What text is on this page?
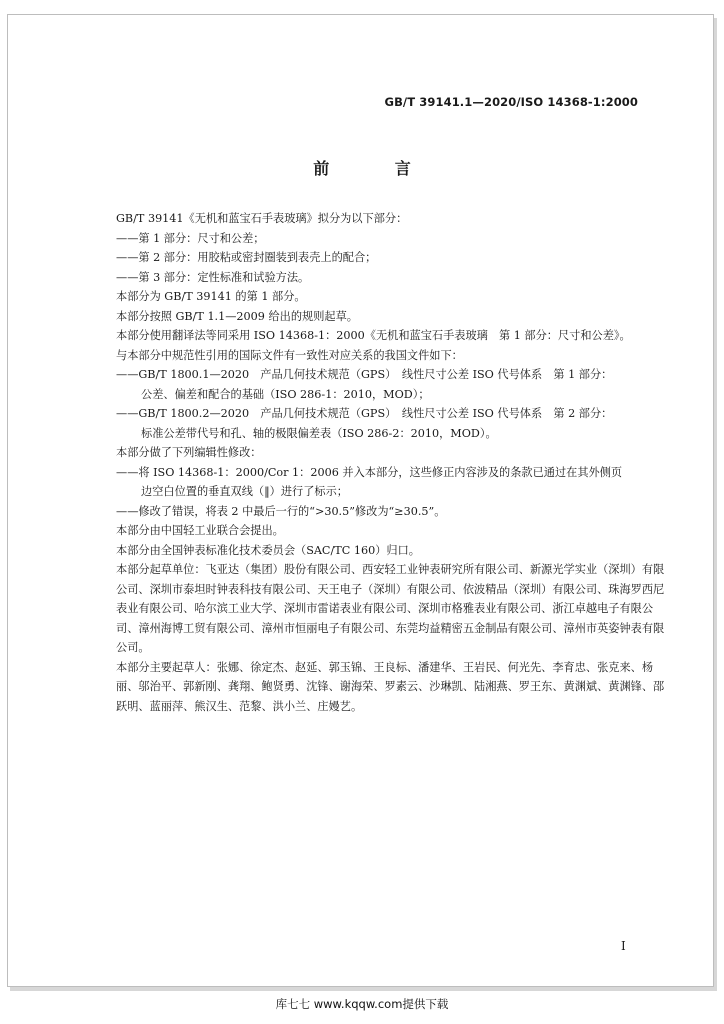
GB/T 39141.1—2020/ISO 14368-1:2000
前 言
GB/T 39141《无机和蓝宝石手表玻璃》拟分为以下部分：
——第 1 部分：尺寸和公差；
——第 2 部分：用胶粘或密封圈装到表壳上的配合；
——第 3 部分：定性标准和试验方法。
本部分为 GB/T 39141 的第 1 部分。
本部分按照 GB/T 1.1—2009 给出的规则起草。
本部分使用翻译法等同采用 ISO 14368-1：2000《无机和蓝宝石手表玻璃　第 1 部分：尺寸和公差》。
与本部分中规范性引用的国际文件有一致性对应关系的我国文件如下：
——GB/T 1800.1—2020　产品几何技术规范（GPS）　线性尺寸公差 ISO 代号体系　第 1 部分：
公差、偏差和配合的基础（ISO 286-1：2010，MOD）；
——GB/T 1800.2—2020　产品几何技术规范（GPS）　线性尺寸公差 ISO 代号体系　第 2 部分：
标准公差带代号和孔、轴的极限偏差表（ISO 286-2：2010，MOD）。
本部分做了下列编辑性修改：
——将 ISO 14368-1：2000/Cor 1：2006 并入本部分，这些修正内容涉及的条款已通过在其外侧页
边空白位置的垂直双线（‖）进行了标示；
——修改了错误，将表 2 中最后一行的“>30.5”修改为“≥30.5”。
本部分由中国轻工业联合会提出。
本部分由全国钟表标准化技术委员会（SAC/TC 160）归口。
本部分起草单位：飞亚达（集团）股份有限公司、西安轻工业钟表研究所有限公司、新源光学实业（深圳）有限公司、深圳市泰坦时钟表科技有限公司、天王电子（深圳）有限公司、依波精品（深圳）有限公司、珠海罗西尼表业有限公司、哈尔滨工业大学、深圳市雷诺表业有限公司、深圳市格雅表业有限公司、浙江卓越电子有限公司、漳州海博工贸有限公司、漳州市恒丽电子有限公司、东莞均益精密五金制品有限公司、漳州市英姿钟表有限公司。
本部分主要起草人：张娜、徐定杰、赵延、郭玉锦、王良标、潘建华、王岩民、何光先、李育忠、张克来、杨丽、邬治平、郭新刚、龚翔、鲍贤勇、沈锋、谢海荣、罗素云、沙琳凯、陆湘燕、罗王东、黄渊斌、黄渊锋、邵跃明、蓝丽萍、熊汉生、范黎、洪小兰、庄嫚艺。
I
库七七 www.kqqw.com提供下载
